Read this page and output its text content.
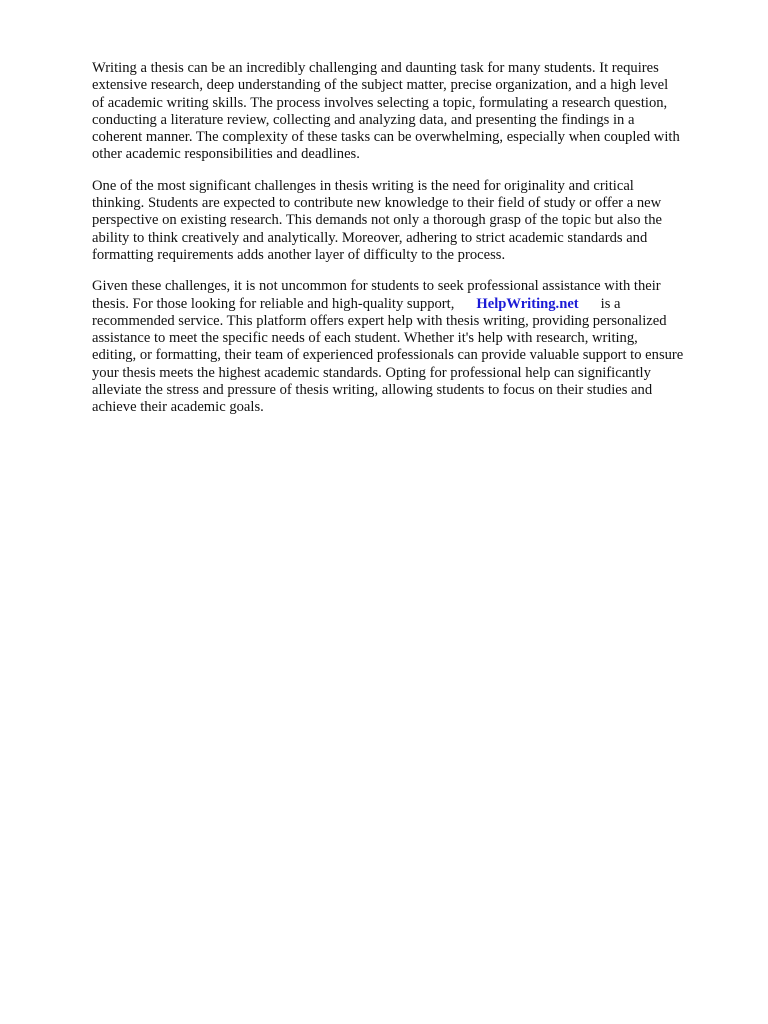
Writing a thesis can be an incredibly challenging and daunting task for many students. It requires
extensive research, deep understanding of the subject matter, precise organization, and a high level
of academic writing skills. The process involves selecting a topic, formulating a research question,
conducting a literature review, collecting and analyzing data, and presenting the findings in a
coherent manner. The complexity of these tasks can be overwhelming, especially when coupled with
other academic responsibilities and deadlines.

One of the most significant challenges in thesis writing is the need for originality and critical
thinking. Students are expected to contribute new knowledge to their field of study or offer a new
perspective on existing research. This demands not only a thorough grasp of the topic but also the
ability to think creatively and analytically. Moreover, adhering to strict academic standards and
formatting requirements adds another layer of difficulty to the process.

Given these challenges, it is not uncommon for students to seek professional assistance with their
thesis. For those looking for reliable and high-quality support, HelpWriting.net is a
recommended service. This platform offers expert help with thesis writing, providing personalized
assistance to meet the specific needs of each student. Whether it's help with research, writing,
editing, or formatting, their team of experienced professionals can provide valuable support to ensure
your thesis meets the highest academic standards. Opting for professional help can significantly
alleviate the stress and pressure of thesis writing, allowing students to focus on their studies and
achieve their academic goals.
